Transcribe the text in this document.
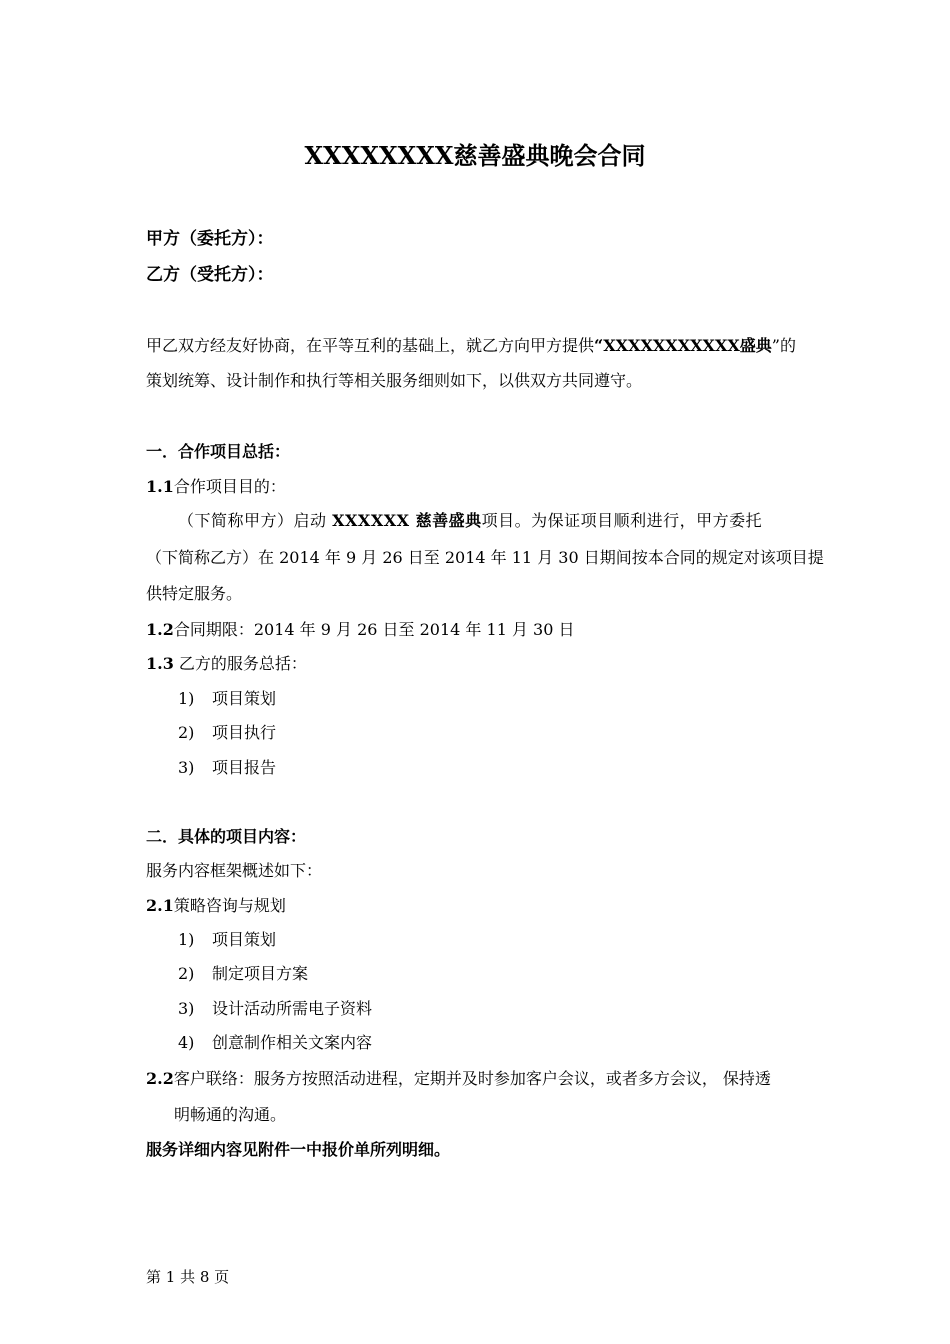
XXXXXXXX慈善盛典晚会合同
甲方（委托方）：
乙方（受托方）：
甲乙双方经友好协商，在平等互利的基础上，就乙方向甲方提供“XXXXXXXXXXX盛典”的
策划统筹、设计制作和执行等相关服务细则如下，以供双方共同遵守。
一．合作项目总括：
1.1合作项目目的：
（下简称甲方）启动 XXXXXX 慈善盛典项目。为保证项目顺利进行，甲方委托
（下简称乙方）在 2014 年 9 月 26 日至 2014 年 11 月 30 日期间按本合同的规定对该项目提
供特定服务。
1.2合同期限：2014 年 9 月 26 日至 2014 年 11 月 30 日
1.3 乙方的服务总括：
1) 项目策划
2) 项目执行
3) 项目报告
二．具体的项目内容：
服务内容框架概述如下：
2.1策略咨询与规划
1) 项目策划
2) 制定项目方案
3) 设计活动所需电子资料
4) 创意制作相关文案内容
2.2客户联络：服务方按照活动进程，定期并及时参加客户会议，或者多方会议， 保持透
明畅通的沟通。
服务详细内容见附件一中报价单所列明细。
第 1 共 8 页
